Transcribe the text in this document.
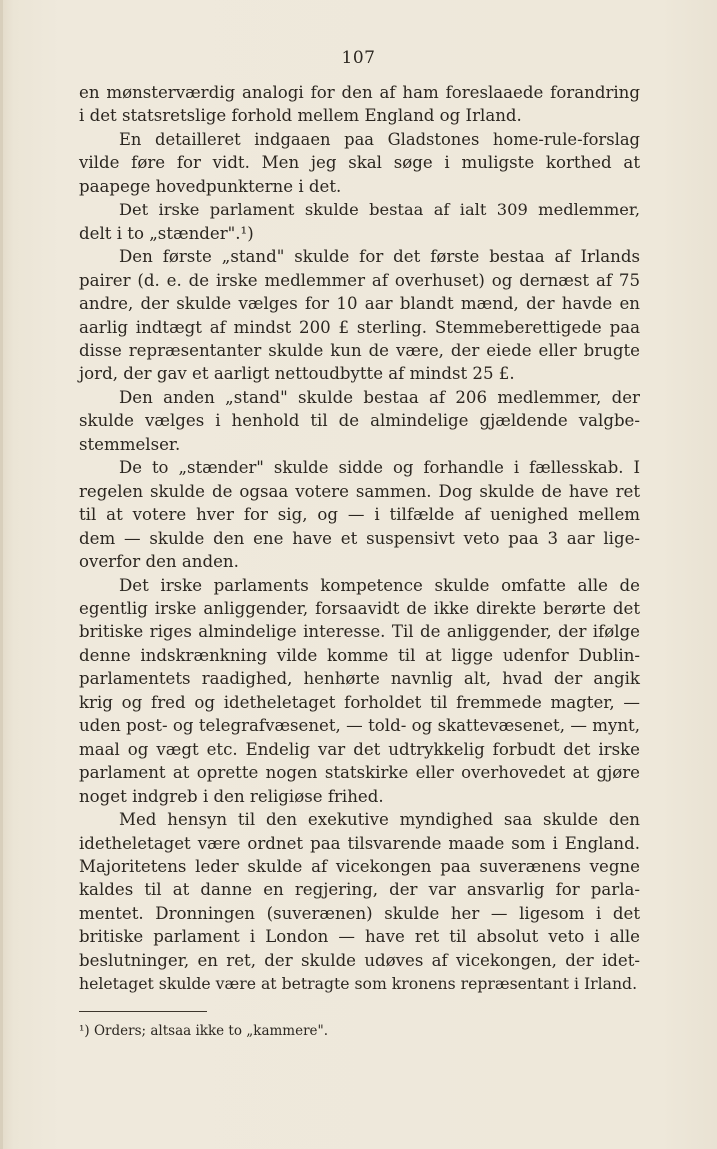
107

en mønsterværdig analogi for den af ham foreslaaede forandring
i det statsretslige forhold mellem England og Irland.

En detailleret indgaaen paa Gladstones home-rule-forslag
vilde føre for vidt. Men jeg skal søge i muligste korthed at
paapege hovedpunkterne i det.

Det irske parlament skulde bestaa af ialt 309 medlemmer,
delt i to „stænder".¹)

Den første „stand" skulde for det første bestaa af Irlands
pairer (d. e. de irske medlemmer af overhuset) og dernæst af 75
andre, der skulde vælges for 10 aar blandt mænd, der havde en
aarlig indtægt af mindst 200 £ sterling. Stemmeberettigede paa
disse repræsentanter skulde kun de være, der eiede eller brugte
jord, der gav et aarligt nettoudbytte af mindst 25 £.

Den anden „stand" skulde bestaa af 206 medlemmer, der
skulde vælges i henhold til de almindelige gjældende valgbe-
stemmelser.

De to „stænder" skulde sidde og forhandle i fællesskab. I
regelen skulde de ogsaa votere sammen. Dog skulde de have ret
til at votere hver for sig, og — i tilfælde af uenighed mellem
dem — skulde den ene have et suspensivt veto paa 3 aar lige-
overfor den anden.

Det irske parlaments kompetence skulde omfatte alle de
egentlig irske anliggender, forsaavidt de ikke direkte berørte det
britiske riges almindelige interesse. Til de anliggender, der ifølge
denne indskrænkning vilde komme til at ligge udenfor Dublin-
parlamentets raadighed, henhørte navnlig alt, hvad der angik
krig og fred og idetheletaget forholdet til fremmede magter, —
uden post- og telegrafvæsenet, — told- og skattevæsenet, — mynt,
maal og vægt etc. Endelig var det udtrykkelig forbudt det irske
parlament at oprette nogen statskirke eller overhovedet at gjøre
noget indgreb i den religiøse frihed.

Med hensyn til den exekutive myndighed saa skulde den
idetheletaget være ordnet paa tilsvarende maade som i England.
Majoritetens leder skulde af vicekongen paa suverænens vegne
kaldes til at danne en regjering, der var ansvarlig for parla-
mentet. Dronningen (suverænen) skulde her — ligesom i det
britiske parlament i London — have ret til absolut veto i alle
beslutninger, en ret, der skulde udøves af vicekongen, der idet-
heletaget skulde være at betragte som kronens repræsentant i Irland.

¹) Orders; altsaa ikke to „kammere".
